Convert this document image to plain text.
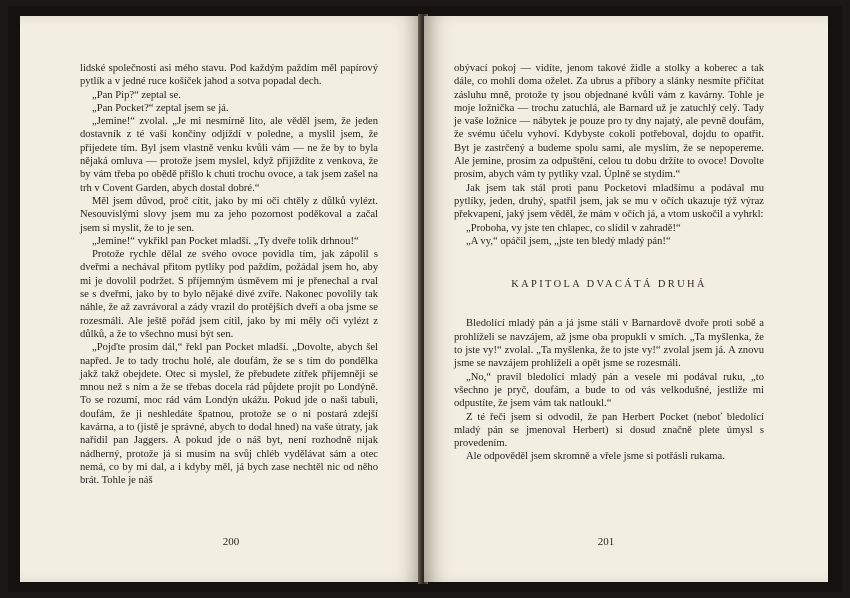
lidské společnosti asi mého stavu. Pod každým paždím měl papírový pytlík a v jedné ruce košíček jahod a sotva popadal dech.

„Pan Pip?“ zeptal se.

„Pan Pocket?“ zeptal jsem se já.

„Jemine!“ zvolal. „Je mi nesmírně líto, ale věděl jsem, že jeden dostavník z té vaší končiny odjíždí v poledne, a myslil jsem, že přijedete tím. Byl jsem vlastně venku kvůli vám — ne že by to byla nějaká omluva — protože jsem myslel, když přijíždíte z venkova, že by vám třeba po obědě přišlo k chuti trochu ovoce, a tak jsem zašel na trh v Covent Garden, abych dostal dobré.“

Měl jsem důvod, proč cítit, jako by mi oči chtěly z důlků vylézt. Nesouvislými slovy jsem mu za jeho pozornost poděkoval a začal jsem si myslit, že to je sen.

„Jemine!“ vykřikl pan Pocket mladší. „Ty dveře tolik drhnou!“

Protože rychle dělal ze svého ovoce povidla tím, jak zápolil s dveřmi a nechával přitom pytlíky pod paždím, požádal jsem ho, aby mi je dovolil podržet. S příjemným úsměvem mi je přenechal a rval se s dveřmi, jako by to bylo nějaké divé zvíře. Nakonec povolily tak náhle, že až zavrávoral a zády vrazil do protějších dveří a oba jsme se rozesmáli. Ale ještě pořád jsem cítil, jako by mi měly oči vylézt z důlků, a že to všechno musí být sen.

„Pojďte prosím dál,“ řekl pan Pocket mladší. „Dovolte, abych šel napřed. Je to tady trochu holé, ale doufám, že se s tím do pondělka jakž takž obejdete. Otec si myslel, že přebudete zítřek příjemněji se mnou než s ním a že se třebas docela rád půjdete projít po Londýně. To se rozumí, moc rád vám Londýn ukážu. Pokud jde o naši tabuli, doufám, že ji neshledáte špatnou, protože se o ni postará zdejší kavárna, a to (jistě je správné, abych to dodal hned) na vaše útraty, jak nařídil pan Jaggers. A pokud jde o náš byt, není rozhodně nijak nádherný, protože já si musím na svůj chléb vydělávat sám a otec nemá, co by mi dal, a i kdyby měl, já bych zase nechtěl nic od něho brát. Tohle je náš

200

obývací pokoj — vidíte, jenom takové židle a stolky a koberec a tak dále, co mohli doma oželet. Za ubrus a příbory a slánky nesmíte přičítat zásluhu mně, protože ty jsou objednané kvůli vám z kavárny. Tohle je moje ložnička — trochu zatuchlá, ale Barnard už je zatuchlý celý. Tady je vaše ložnice — nábytek je pouze pro ty dny najatý, ale pevně doufám, že svému účelu vyhoví. Kdybyste cokoli potřeboval, dojdu to opatřit. Byt je zastrčený a budeme spolu sami, ale myslím, že se nepopereme. Ale jemine, prosím za odpuštění, celou tu dobu držíte to ovoce! Dovolte prosím, abych vám ty pytlíky vzal. Úplně se stydím.“

Jak jsem tak stál proti panu Pocketovi mladšímu a podával mu pytlíky, jeden, druhý, spatřil jsem, jak se mu v očích ukazuje týž výraz překvapení, jaký jsem věděl, že mám v očích já, a vtom uskočil a vyhrkl:

„Proboha, vy jste ten chlapec, co slídil v zahradě!“

„A vy,“ opáčil jsem, „jste ten bledý mladý pán!“

KAPITOLA DVACÁTÁ DRUHÁ

Bledolící mladý pán a já jsme stáli v Barnardově dvoře proti sobě a prohlíželi se navzájem, až jsme oba propukli v smích. „Ta myšlenka, že to jste vy!“ zvolal. „Ta myšlenka, že to jste vy!“ zvolal jsem já. A znovu jsme se navzájem prohlíželi a opět jsme se rozesmáli.

„No,“ pravil bledolící mladý pán a vesele mi podával ruku, „to všechno je pryč, doufám, a bude to od vás velkodušné, jestliže mi odpustíte, že jsem vám tak natloukl.“

Z té řeči jsem si odvodil, že pan Herbert Pocket (neboť bledolící mladý pán se jmenoval Herbert) si dosud značně plete úmysl s provedením.

Ale odpověděl jsem skromně a vřele jsme si potřásli rukama.

201
